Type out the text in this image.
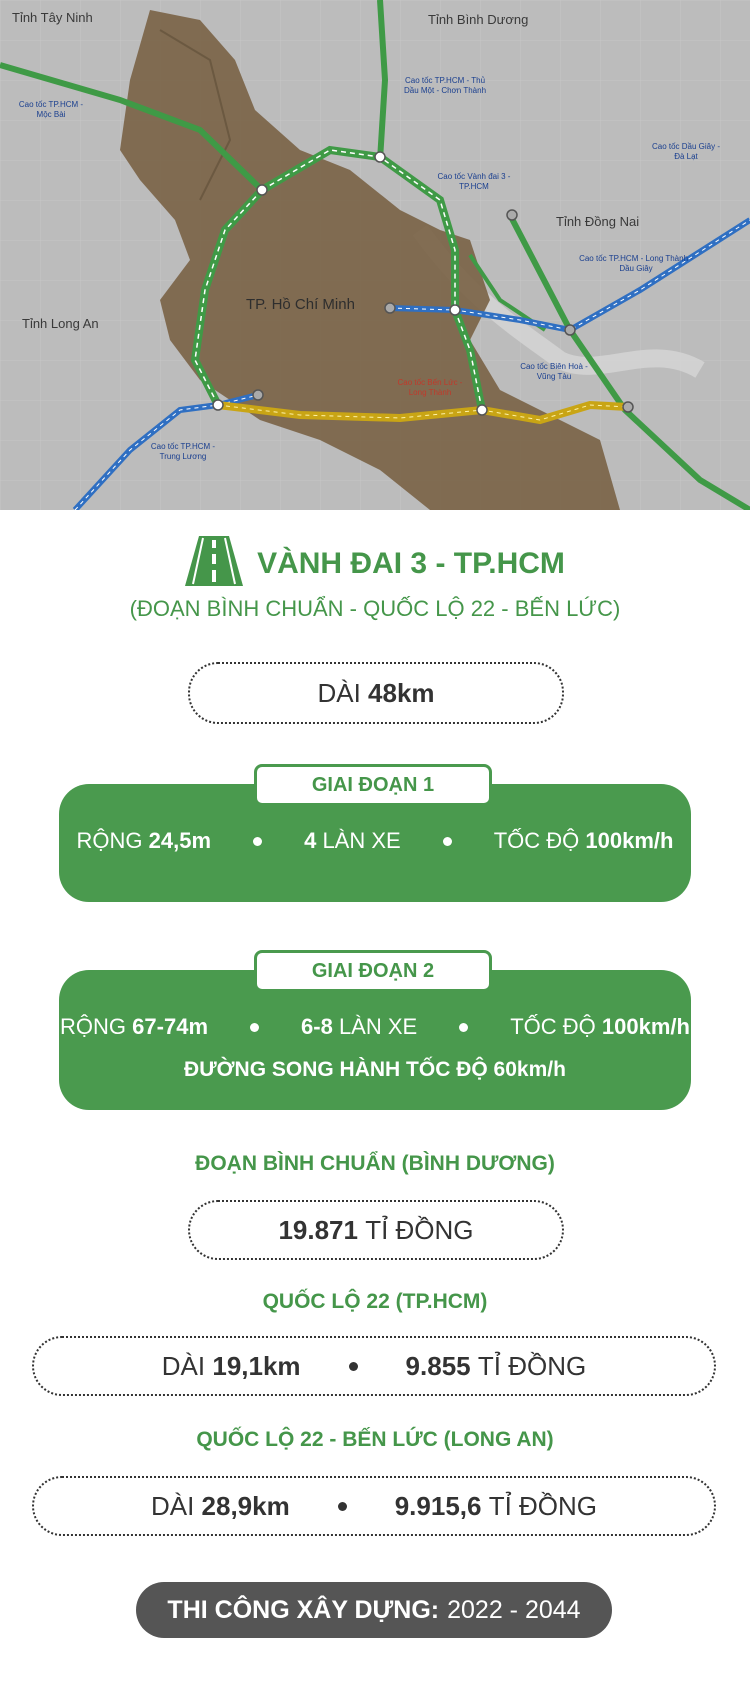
Tỉnh Tây Ninh	Tỉnh Bình Dương
Tỉnh Đồng Nai
Tỉnh Long An
TP. Hồ Chí Minh
Cao tốc TP.HCM - Mộc Bài
Cao tốc TP.HCM - Thủ Dầu Một - Chơn Thành
Cao tốc Vành đai 3 - TP.HCM
Cao tốc Dầu Giây - Đà Lạt
Cao tốc TP.HCM - Long Thành - Dầu Giây
Cao tốc Biên Hoà - Vũng Tàu
Cao tốc Bến Lức - Long Thành
Cao tốc TP.HCM - Trung Lương
VÀNH ĐAI 3 - TP.HCM
(ĐOẠN BÌNH CHUẨN - QUỐC LỘ 22 - BẾN LỨC)
DÀI
48km
RỘNG
24,5m	4
LÀN XE	TỐC ĐỘ
100km/h
GIAI ĐOẠN 1
RỘNG
67-74m	6-8
LÀN XE	TỐC ĐỘ
100km/h
ĐƯỜNG SONG HÀNH TỐC ĐỘ 60km/h
GIAI ĐOẠN 2
ĐOẠN BÌNH CHUẨN (BÌNH DƯƠNG)
19.871
TỈ ĐỒNG
QUỐC LỘ 22 (TP.HCM)
DÀI
19,1km	9.855
TỈ ĐỒNG
QUỐC LỘ 22 - BẾN LỨC (LONG AN)
DÀI
28,9km	9.915,6
TỈ ĐỒNG
THI CÔNG XÂY DỰNG: 2022 - 2044
